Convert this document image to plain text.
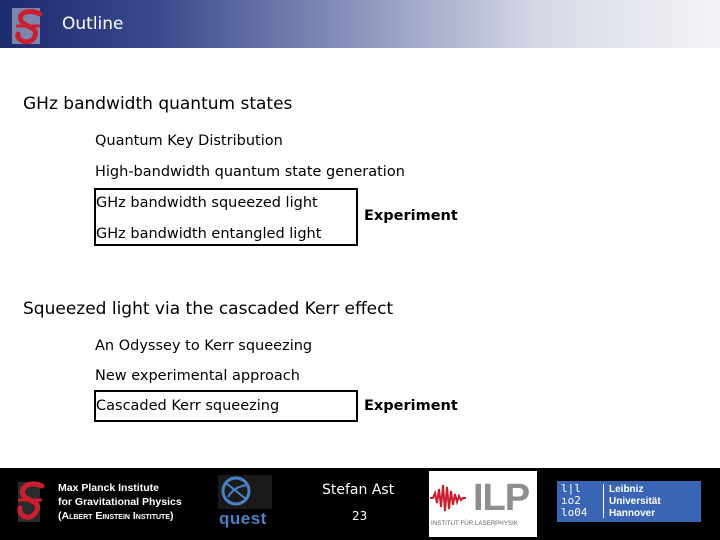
Outline
GHz bandwidth quantum states
Quantum Key Distribution
High-bandwidth quantum state generation
GHz bandwidth squeezed light
GHz bandwidth entangled light
Experiment
Squeezed light via the cascaded Kerr effect
An Odyssey to Kerr squeezing
New experimental approach
Cascaded Kerr squeezing	Experiment
Max Planck Institute
for Gravitational Physics
(Albert Einstein Institute)	quest
Stefan Ast
23	ILP
INSTITUT FÜR LASERPHYSIK
l|l
ıo2
lo04
Leibniz
Universität
Hannover
